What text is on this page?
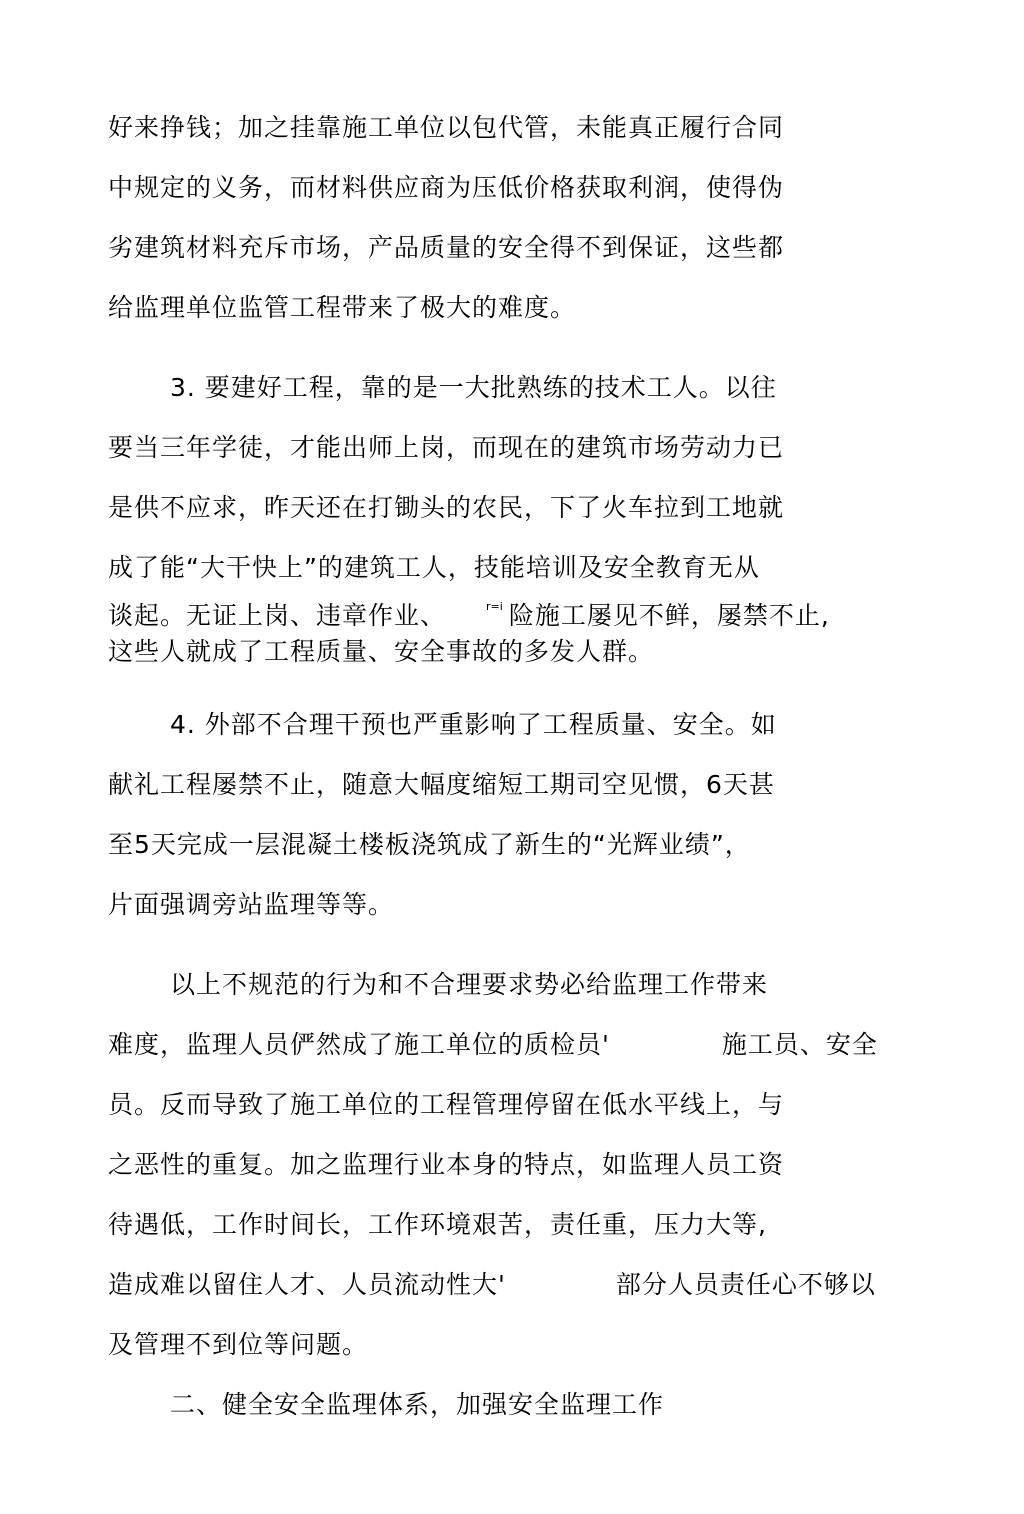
好来挣钱；加之挂靠施工单位以包代管，未能真正履行合同
中规定的义务，而材料供应商为压低价格获取利润，使得伪
劣建筑材料充斥市场，产品质量的安全得不到保证，这些都
给监理单位监管工程带来了极大的难度。
3. 要建好工程，靠的是一大批熟练的技术工人。以往
要当三年学徒，才能出师上岗，而现在的建筑市场劳动力已
是供不应求，昨天还在打锄头的农民，下了火车拉到工地就
成了能“大干快上”的建筑工人，技能培训及安全教育无从
谈起。无证上岗、违章作业、	$^{r=i}$ 险施工屡见不鲜，屡禁不止,
这些人就成了工程质量、安全事故的多发人群。
4. 外部不合理干预也严重影响了工程质量、安全。如
献礼工程屡禁不止，随意大幅度缩短工期司空见惯，6天甚
至5天完成一层混凝土楼板浇筑成了新生的“光辉业绩”，
片面强调旁站监理等等。
以上不规范的行为和不合理要求势必给监理工作带来
难度，监理人员俨然成了施工单位的质检员'	施工员、安全
员。反而导致了施工单位的工程管理停留在低水平线上，与
之恶性的重复。加之监理行业本身的特点，如监理人员工资
待遇低，工作时间长，工作环境艰苦，责任重，压力大等,
造成难以留住人才、人员流动性大'	部分人员责任心不够以
及管理不到位等问题。
二、健全安全监理体系，加强安全监理工作
